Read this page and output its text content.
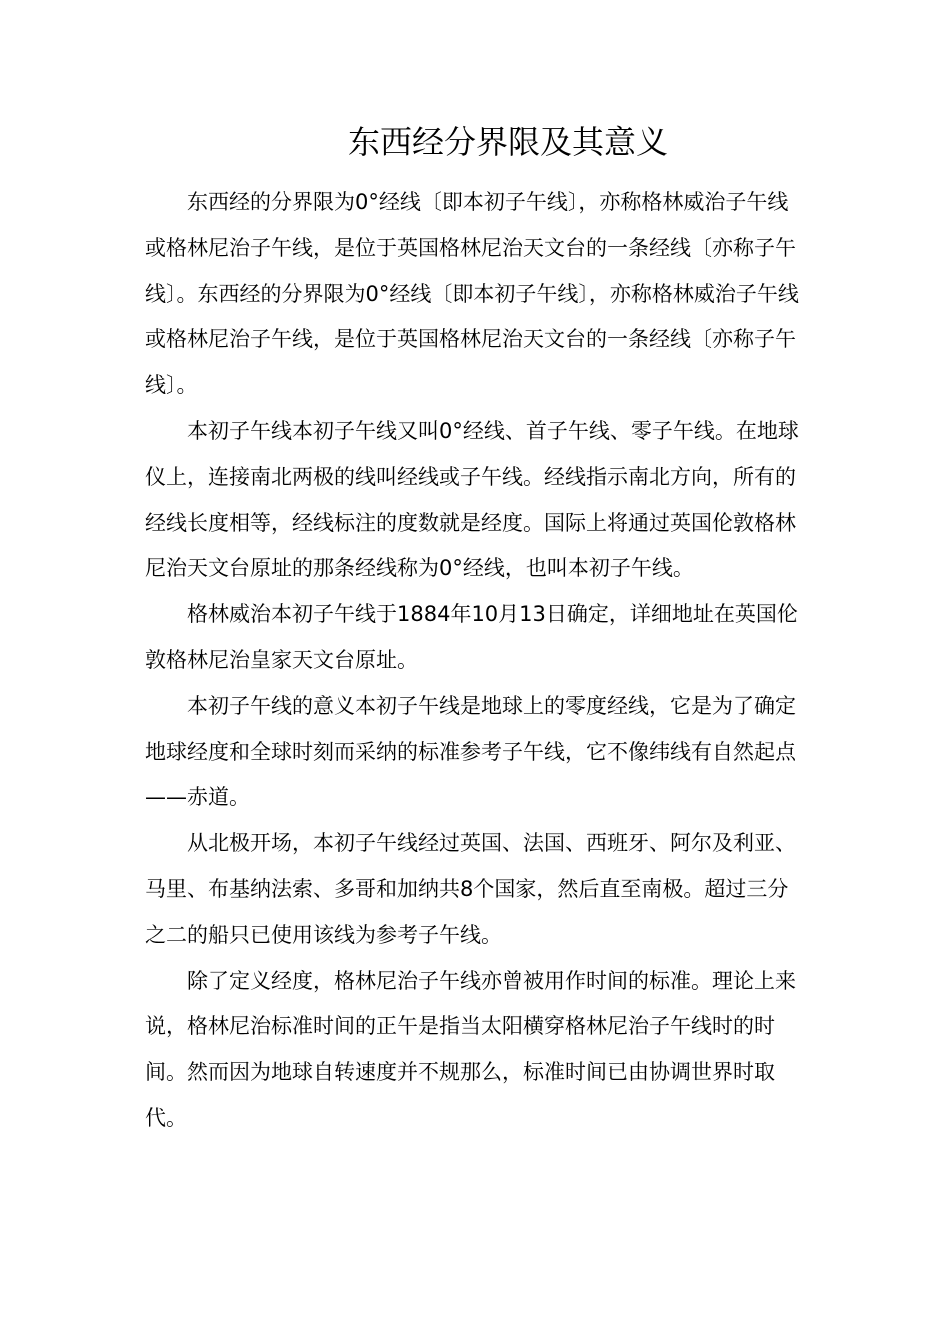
东西经分界限及其意义

东西经的分界限为0°经线〔即本初子午线〕，亦称格林威治子午线或格林尼治子午线，是位于英国格林尼治天文台的一条经线〔亦称子午线〕。东西经的分界限为0°经线〔即本初子午线〕，亦称格林威治子午线或格林尼治子午线，是位于英国格林尼治天文台的一条经线〔亦称子午线〕。

本初子午线本初子午线又叫0°经线、首子午线、零子午线。在地球仪上，连接南北两极的线叫经线或子午线。经线指示南北方向，所有的经线长度相等，经线标注的度数就是经度。国际上将通过英国伦敦格林尼治天文台原址的那条经线称为0°经线，也叫本初子午线。

格林威治本初子午线于1884年10月13日确定，详细地址在英国伦敦格林尼治皇家天文台原址。

本初子午线的意义本初子午线是地球上的零度经线，它是为了确定地球经度和全球时刻而采纳的标准参考子午线，它不像纬线有自然起点——赤道。

从北极开场，本初子午线经过英国、法国、西班牙、阿尔及利亚、马里、布基纳法索、多哥和加纳共8个国家，然后直至南极。超过三分之二的船只已使用该线为参考子午线。

除了定义经度，格林尼治子午线亦曾被用作时间的标准。理论上来说，格林尼治标准时间的正午是指当太阳横穿格林尼治子午线时的时间。然而因为地球自转速度并不规那么，标准时间已由协调世界时取代。
